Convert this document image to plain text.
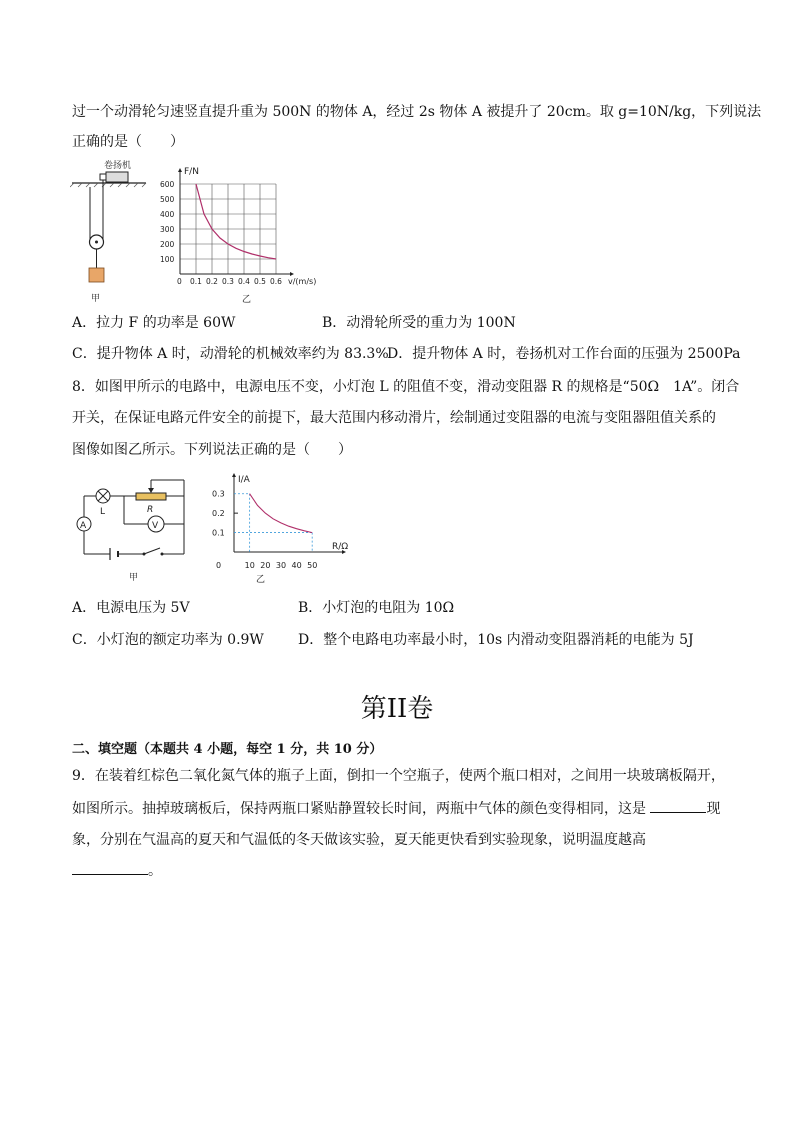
过一个动滑轮匀速竖直提升重为 500N 的物体 A，经过 2s 物体 A 被提升了 20cm。取 g=10N/kg，下列说法
正确的是（　　）
卷扬机
甲
0 0.1 0.2 0.3 0.4 0.5 0.6
100
200
300
400
500
600
F/N
v/(m/s)
乙
A．拉力 F 的功率是 60W	B．动滑轮所受的重力为 100N
C．提升物体 A 时，动滑轮的机械效率约为 83.3%
D．提升物体 A 时，卷扬机对工作台面的压强为 2500Pa
8．如图甲所示的电路中，电源电压不变，小灯泡 L 的阻值不变，滑动变阻器 R 的规格是“50Ω　1A”。闭合
开关，在保证电路元件安全的前提下，最大范围内移动滑片，绘制通过变阻器的电流与变阻器阻值关系的
图像如图乙所示。下列说法正确的是（　　）
L	R
V
A
甲
0	10 20 30 40 50
0.1
0.2
0.3
I/A
R/Ω
乙
A．电源电压为 5V	B．小灯泡的电阻为 10Ω
C．小灯泡的额定功率为 0.9W D．整个电路电功率最小时，10s 内滑动变阻器消耗的电能为 5J
第II卷
二、填空题（本题共 4 小题，每空 1 分，共 10 分）
9．在装着红棕色二氧化氮气体的瓶子上面，倒扣一个空瓶子，使两个瓶口相对，之间用一块玻璃板隔开，
如图所示。抽掉玻璃板后，保持两瓶口紧贴静置较长时间，两瓶中气体的颜色变得相同，这是	现
象，分别在气温高的夏天和气温低的冬天做该实验，夏天能更快看到实验现象，说明温度越高
。
